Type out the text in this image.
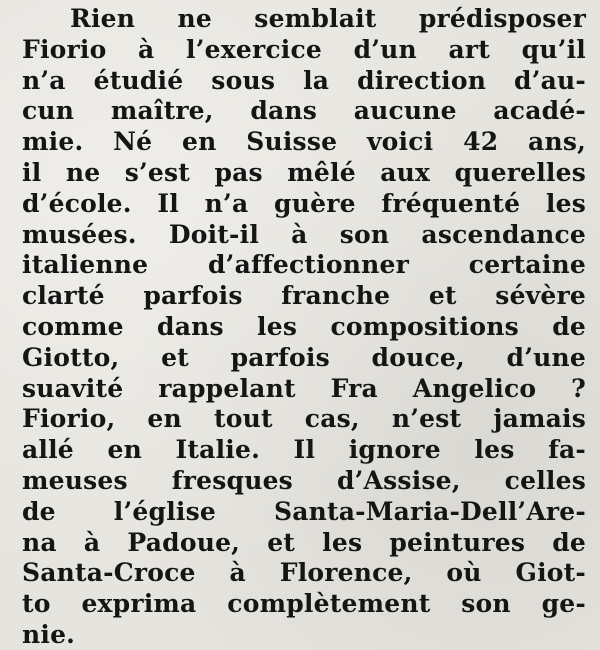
Rien ne semblait prédisposer
Fiorio à l’exercice d’un art qu’il
n’a étudié sous la direction d’au-
cun maître, dans aucune acadé-
mie. Né en Suisse voici 42 ans,
il ne s’est pas mêlé aux querelles
d’école. Il n’a guère fréquenté les
musées. Doit-il à son ascendance
italienne d’affectionner certaine
clarté parfois franche et sévère
comme dans les compositions de
Giotto, et parfois douce, d’une
suavité rappelant Fra Angelico ?
Fiorio, en tout cas, n’est jamais
allé en Italie. Il ignore les fa-
meuses fresques d’Assise, celles
de l’église Santa-Maria-Dell’Are-
na à Padoue, et les peintures de
Santa-Croce à Florence, où Giot-
to exprima complètement son ge-
nie.
